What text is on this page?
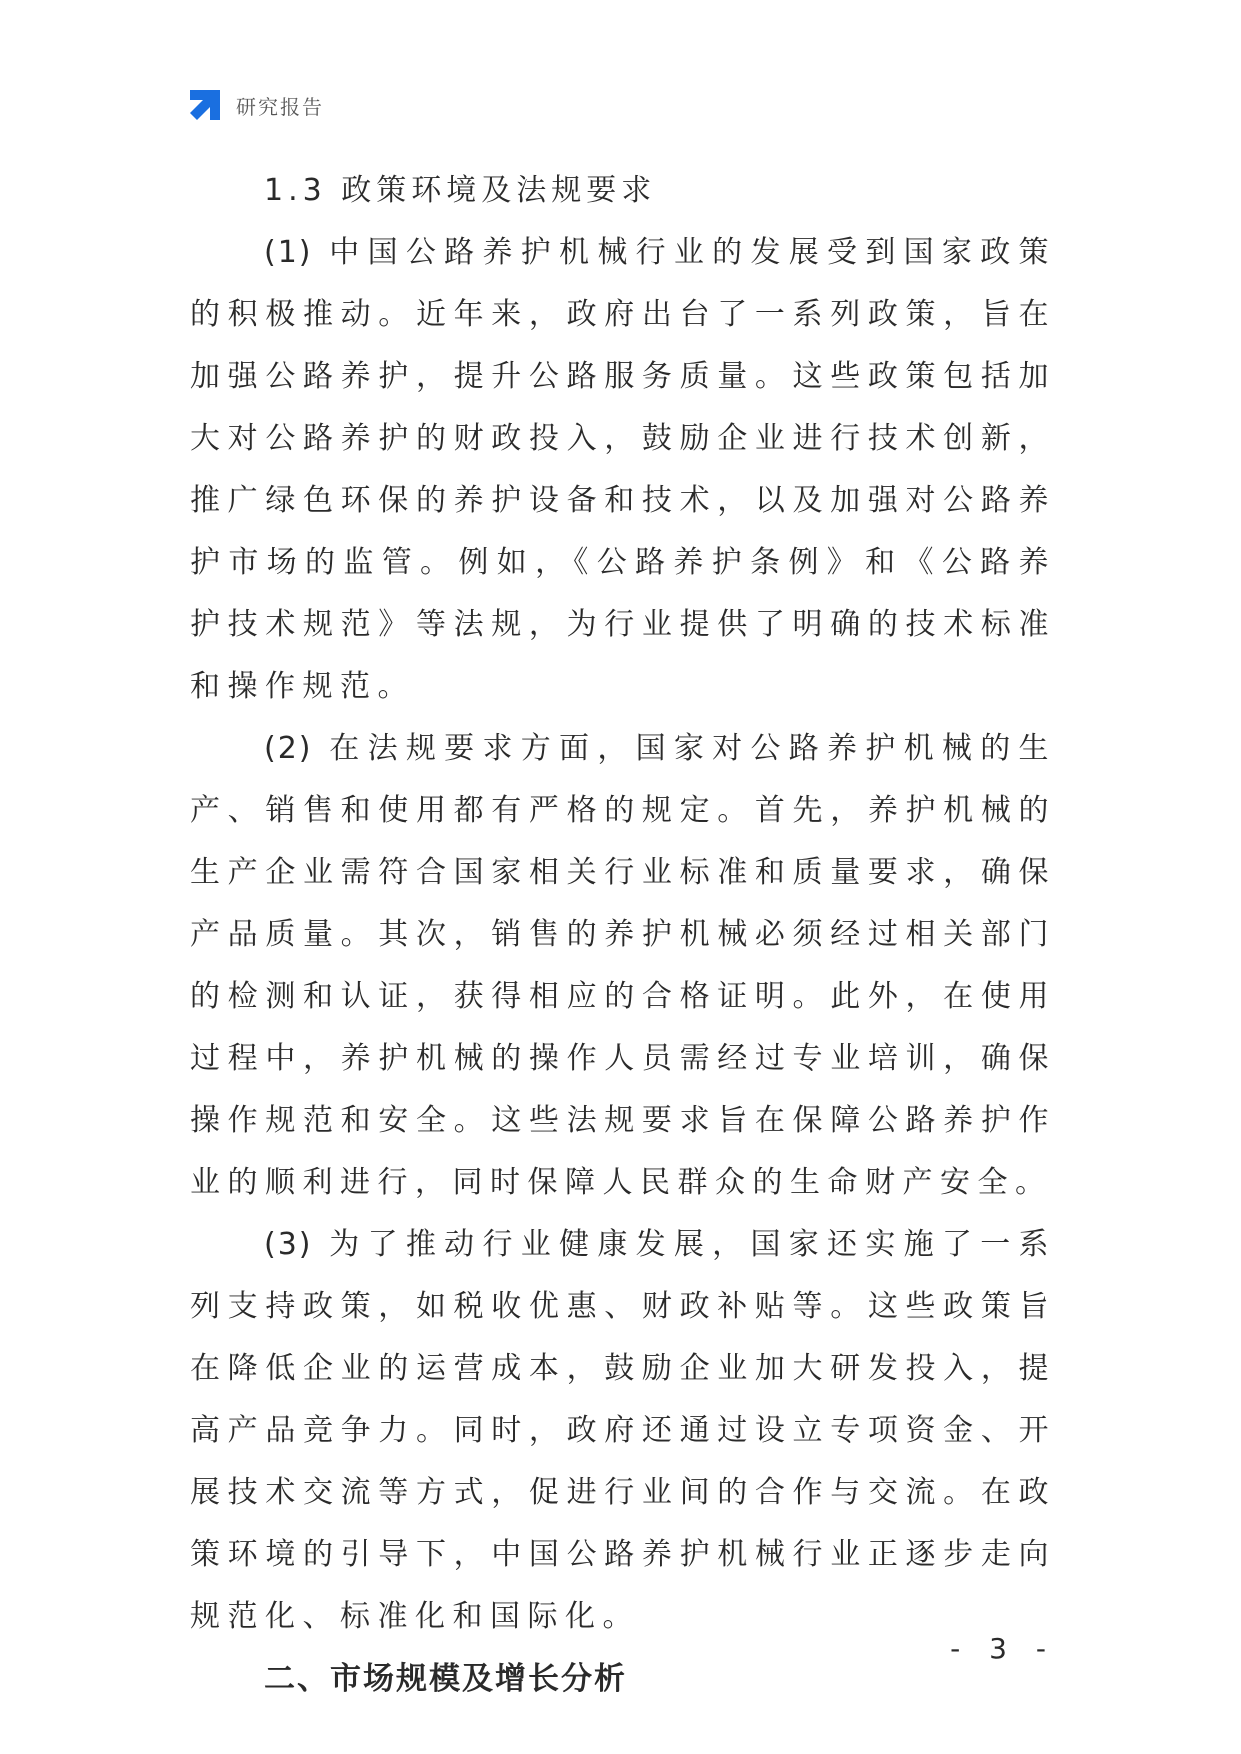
研究报告
1.3 政策环境及法规要求

(1) 中国公路养护机械行业的发展受到国家政策的积极推动。近年来，政府出台了一系列政策，旨在加强公路养护，提升公路服务质量。这些政策包括加大对公路养护的财政投入，鼓励企业进行技术创新，推广绿色环保的养护设备和技术，以及加强对公路养护市场的监管。例如，《公路养护条例》和《公路养护技术规范》等法规，为行业提供了明确的技术标准和操作规范。

(2) 在法规要求方面，国家对公路养护机械的生产、销售和使用都有严格的规定。首先，养护机械的生产企业需符合国家相关行业标准和质量要求，确保产品质量。其次，销售的养护机械必须经过相关部门的检测和认证，获得相应的合格证明。此外，在使用过程中，养护机械的操作人员需经过专业培训，确保操作规范和安全。这些法规要求旨在保障公路养护作业的顺利进行，同时保障人民群众的生命财产安全。

(3) 为了推动行业健康发展，国家还实施了一系列支持政策，如税收优惠、财政补贴等。这些政策旨在降低企业的运营成本，鼓励企业加大研发投入，提高产品竞争力。同时，政府还通过设立专项资金、开展技术交流等方式，促进行业间的合作与交流。在政策环境的引导下，中国公路养护机械行业正逐步走向规范化、标准化和国际化。

二、市场规模及增长分析
- 3 -
